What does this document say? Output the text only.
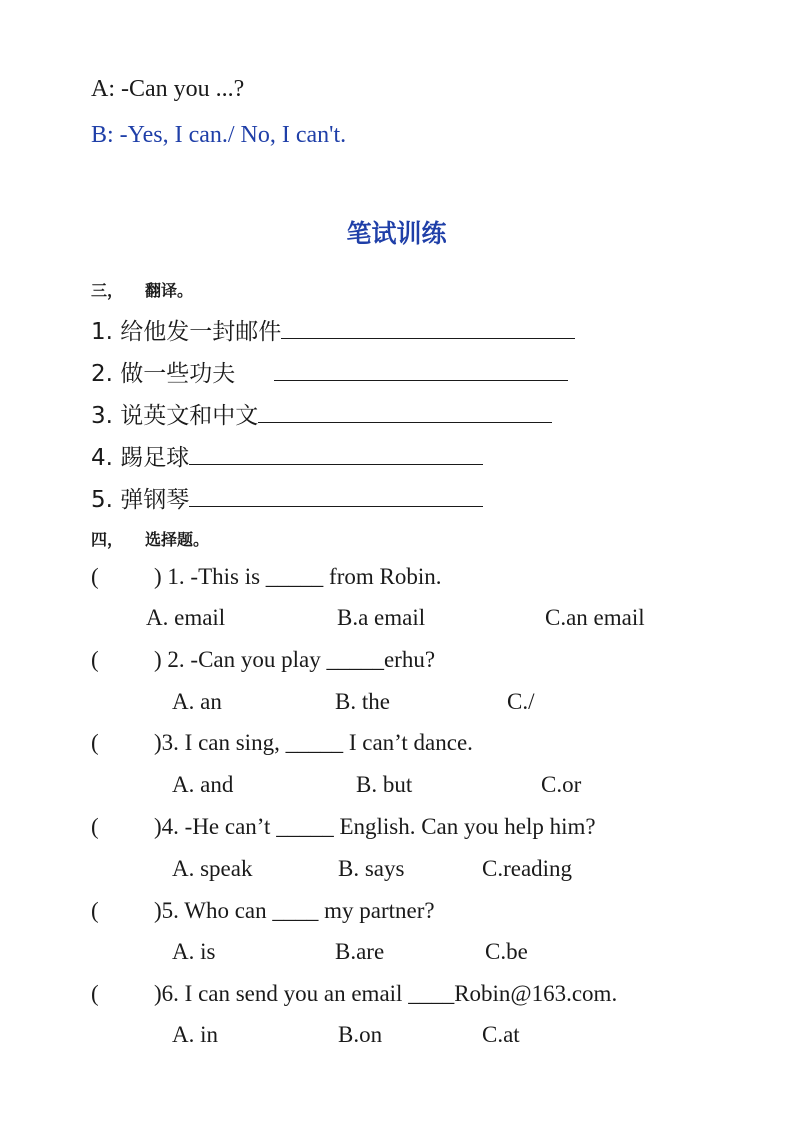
A: -Can you ...?
B: -Yes, I can./ No, I can't.
笔试训练
三， 翻译。
1. 给他发一封邮件
2. 做一些功夫
3. 说英文和中文
4. 踢足球
5. 弹钢琴
四， 选择题。
( ) 1. -This is _____ from Robin.
A. email	B.a email	C.an email
( ) 2. -Can you play _____erhu?
A. an	B. the	C./
( )3. I can sing, _____ I can’t dance.
A. and	B. but	C.or
( )4. -He can’t _____ English. Can you help him?
A. speak	B. says	C.reading
( )5. Who can ____ my partner?
A. is	B.are	C.be
( )6. I can send you an email ____Robin@163.com.
A. in	B.on	C.at
